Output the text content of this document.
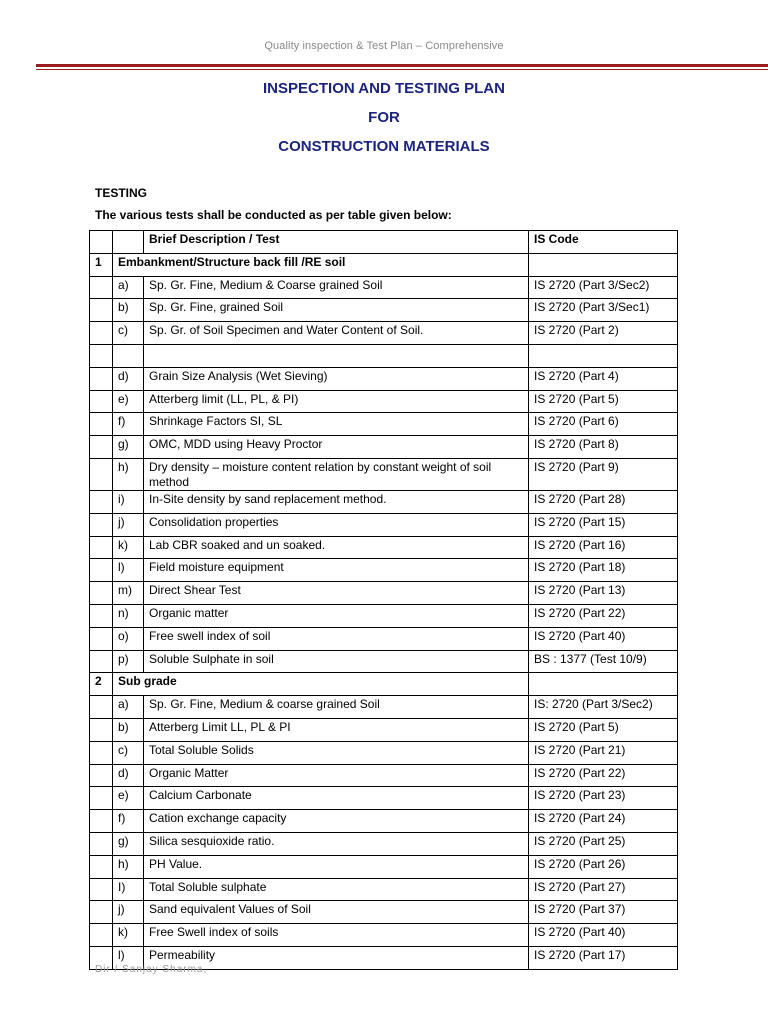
Quality inspection & Test Plan – Comprehensive
INSPECTION AND TESTING PLAN
FOR
CONSTRUCTION MATERIALS
TESTING
The various tests shall be conducted as per table given below:
		Brief Description / Test	IS Code
1	Embankment/Structure back fill /RE soil		
	a)	Sp. Gr. Fine, Medium & Coarse grained Soil	IS 2720 (Part 3/Sec2)
	b)	Sp. Gr. Fine, grained Soil	IS 2720 (Part 3/Sec1)
	c)	Sp. Gr. of Soil Specimen and Water Content of Soil.	IS 2720 (Part 2)

	d)	Grain Size Analysis (Wet Sieving)	IS 2720 (Part 4)
	e)	Atterberg limit (LL, PL, & PI)	IS 2720 (Part 5)
	f)	Shrinkage Factors SI, SL	IS 2720 (Part 6)
	g)	OMC, MDD using Heavy Proctor	IS 2720 (Part 8)
	h)	Dry density – moisture content relation by constant weight of soil method	IS 2720 (Part 9)
	i)	In-Site density by sand replacement method.	IS 2720 (Part 28)
	j)	Consolidation properties	IS 2720 (Part 15)
	k)	Lab CBR soaked and un soaked.	IS 2720 (Part 16)
	l)	Field moisture equipment	IS 2720 (Part 18)
	m)	Direct Shear Test	IS 2720 (Part 13)
	n)	Organic matter	IS 2720 (Part 22)
	o)	Free swell index of soil	IS 2720 (Part 40)
	p)	Soluble Sulphate in soil	BS : 1377 (Test 10/9)
2	Sub grade		
	a)	Sp. Gr. Fine, Medium & coarse grained Soil	IS: 2720 (Part 3/Sec2)
	b)	Atterberg Limit LL, PL & PI	IS 2720 (Part 5)
	c)	Total Soluble Solids	IS 2720 (Part 21)
	d)	Organic Matter	IS 2720 (Part 22)
	e)	Calcium Carbonate	IS 2720 (Part 23)
	f)	Cation exchange capacity	IS 2720 (Part 24)
	g)	Silica sesquioxide ratio.	IS 2720 (Part 25)
	h)	PH Value.	IS 2720 (Part 26)
	I)	Total Soluble sulphate	IS 2720 (Part 27)
	j)	Sand equivalent Values of Soil	IS 2720 (Part 37)
	k)	Free Swell index of soils	IS 2720 (Part 40)
	l)	Permeability	IS 2720 (Part 17)
Dir / Sanjay Sharma,
